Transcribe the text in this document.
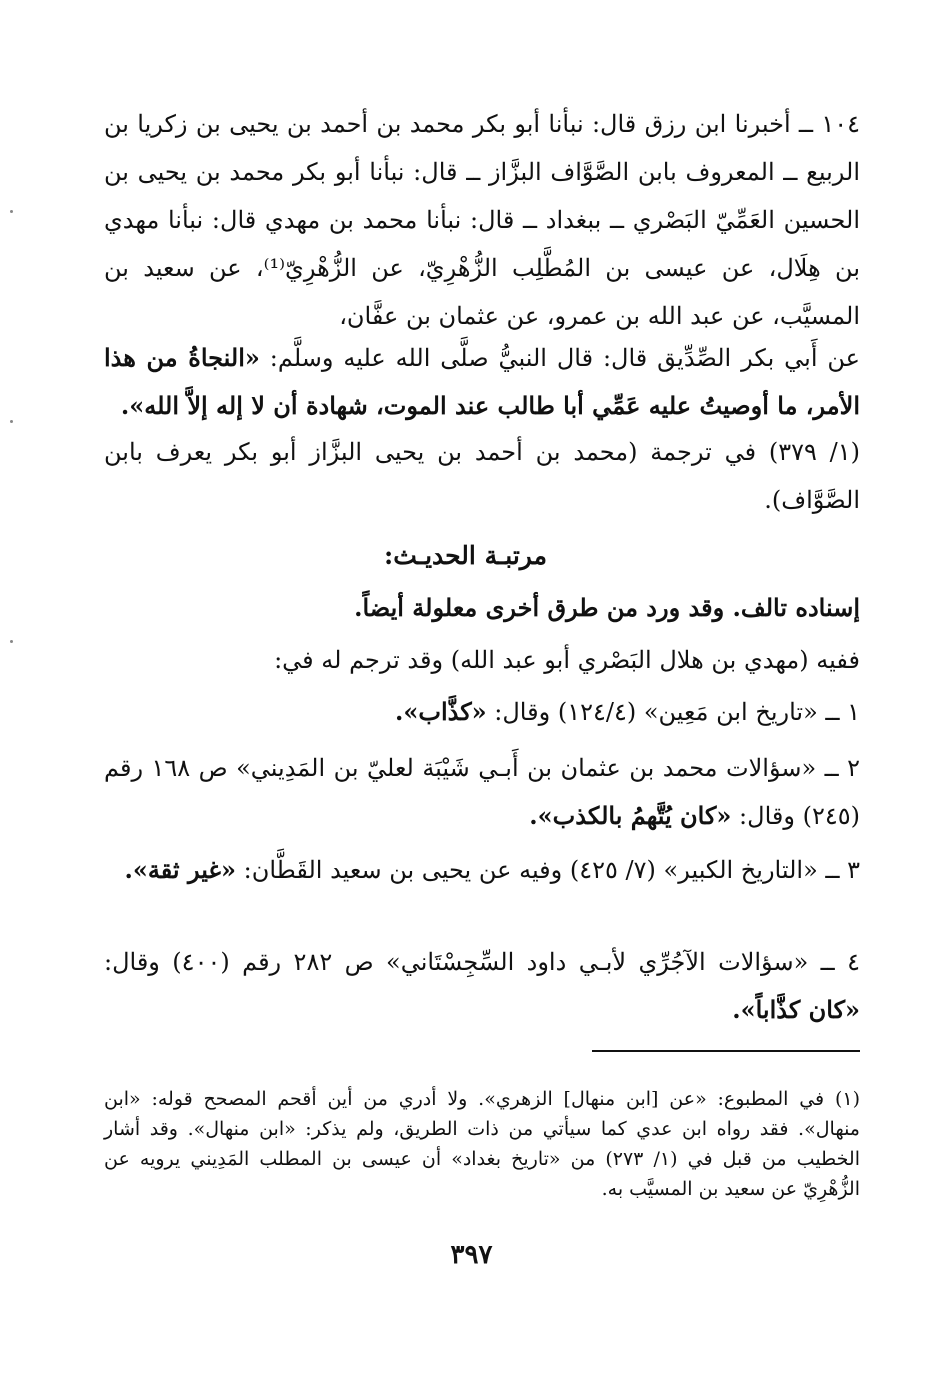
١٠٤ ــ أخبرنا ابن رزق قال: نبأنا أبو بكر محمد بن أحمد بن يحيى بن زكريا بن الربيع ــ المعروف بابن الصَّوَّاف البزَّاز ــ قال: نبأنا أبو بكر محمد بن يحيى بن الحسين العَمِّيّ البَصْري ــ ببغداد ــ قال: نبأنا محمد بن مهدي قال: نبأنا مهدي بن هِلَال، عن عيسى بن المُطَّلِب الزُّهْرِيّ، عن الزُّهْرِيّ⁽¹⁾، عن سعيد بن المسيَّب، عن عبد الله بن عمرو، عن عثمان بن عفَّان،

عن أَبي بكر الصِّدِّيق قال: قال النبيُّ صلَّى الله عليه وسلَّم: «النجاةُ من هذا الأمر، ما أوصيتُ عليه عَمِّي أبا طالب عند الموت، شهادة أن لا إله إلاَّ الله».

(١/ ٣٧٩) في ترجمة (محمد بن أحمد بن يحيى البزَّاز أبو بكر يعرف بابن الصَّوَّاف).

مرتبـة الحديـث:

إسناده تالف. وقد ورد من طرق أخرى معلولة أيضاً.

ففيه (مهدي بن هلال البَصْري أبو عبد الله) وقد ترجم له في:

١ ــ «تاريخ ابن مَعِين» (١٢٤/٤) وقال: «كذَّاب».

٢ ــ «سؤالات محمد بن عثمان بن أَبـي شَيْبَة لعليّ بن المَدِيني» ص ١٦٨ رقم (٢٤٥) وقال: «كان يُتَّهمُ بالكذب».

٣ ــ «التاريخ الكبير» (٧/ ٤٢٥) وفيه عن يحيى بن سعيد القَطَّان: «غير ثقة».

٤ ــ «سؤالات الآجُرِّي لأبـي داود السِّجِسْتَاني» ص ٢٨٢ رقم (٤٠٠) وقال: «كان كذَّاباً».

(١) في المطبوع: «عن [ابن منهال] الزهري». ولا أدري من أين أقحم المصحح قوله: «ابن منهال». فقد رواه ابن عدي كما سيأتي من ذات الطريق، ولم يذكر: «ابن منهال». وقد أشار الخطيب من قبل في (١/ ٢٧٣) من «تاريخ بغداد» أن عيسى بن المطلب المَدِيني يرويه عن الزُّهْرِيّ عن سعيد بن المسيَّب به.

٣٩٧
